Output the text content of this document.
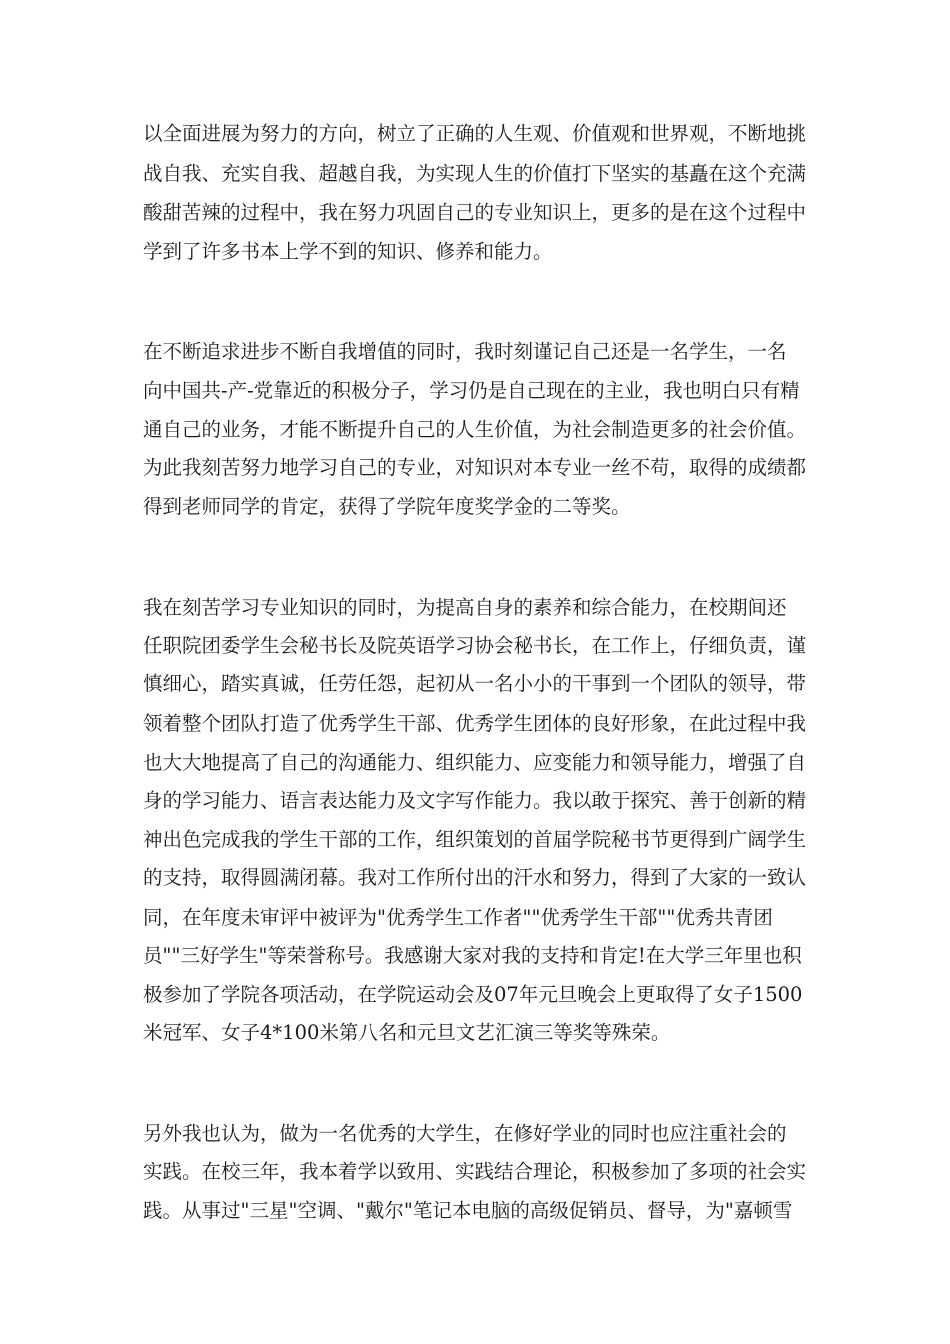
以全面进展为努力的方向，树立了正确的人生观、价值观和世界观，不断地挑
战自我、充实自我、超越自我，为实现人生的价值打下坚实的基矗在这个充满
酸甜苦辣的过程中，我在努力巩固自己的专业知识上，更多的是在这个过程中
学到了许多书本上学不到的知识、修养和能力。
在不断追求进步不断自我增值的同时，我时刻谨记自己还是一名学生，一名
向中国共-产-党靠近的积极分子，学习仍是自己现在的主业，我也明白只有精
通自己的业务，才能不断提升自己的人生价值，为社会制造更多的社会价值。
为此我刻苦努力地学习自己的专业，对知识对本专业一丝不苟，取得的成绩都
得到老师同学的肯定，获得了学院年度奖学金的二等奖。
我在刻苦学习专业知识的同时，为提高自身的素养和综合能力，在校期间还
任职院团委学生会秘书长及院英语学习协会秘书长，在工作上，仔细负责，谨
慎细心，踏实真诚，任劳任怨，起初从一名小小的干事到一个团队的领导，带
领着整个团队打造了优秀学生干部、优秀学生团体的良好形象，在此过程中我
也大大地提高了自己的沟通能力、组织能力、应变能力和领导能力，增强了自
身的学习能力、语言表达能力及文字写作能力。我以敢于探究、善于创新的精
神出色完成我的学生干部的工作，组织策划的首届学院秘书节更得到广阔学生
的支持，取得圆满闭幕。我对工作所付出的汗水和努力，得到了大家的一致认
同，在年度未审评中被评为"优秀学生工作者""优秀学生干部""优秀共青团
员""三好学生"等荣誉称号。我感谢大家对我的支持和肯定!在大学三年里也积
极参加了学院各项活动，在学院运动会及07年元旦晚会上更取得了女子1500
米冠军、女子4*100米第八名和元旦文艺汇演三等奖等殊荣。
另外我也认为，做为一名优秀的大学生，在修好学业的同时也应注重社会的
实践。在校三年，我本着学以致用、实践结合理论，积极参加了多项的社会实
践。从事过"三星"空调、"戴尔"笔记本电脑的高级促销员、督导，为"嘉顿雪
